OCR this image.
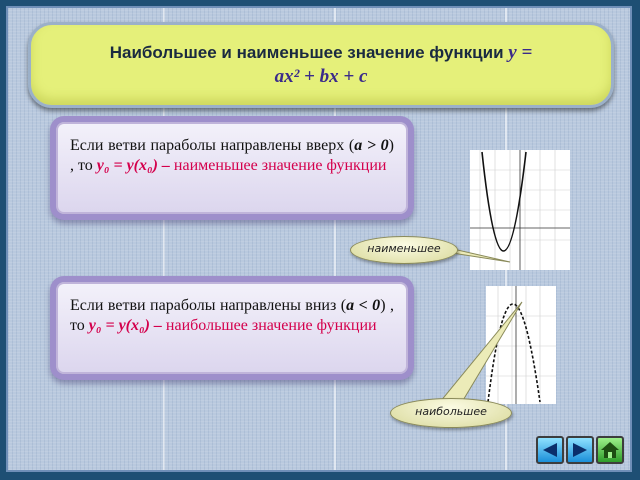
Наибольшее и наименьшее значение функции y =
ax² + bx + c
Если ветви параболы направлены вверх (a > 0) , то y₀ = y(x₀) – наименьшее значение функции
Если ветви параболы направлены вниз (a < 0) , то y₀ = y(x₀) – наибольшее значение функции
наименьшее
наибольшее
